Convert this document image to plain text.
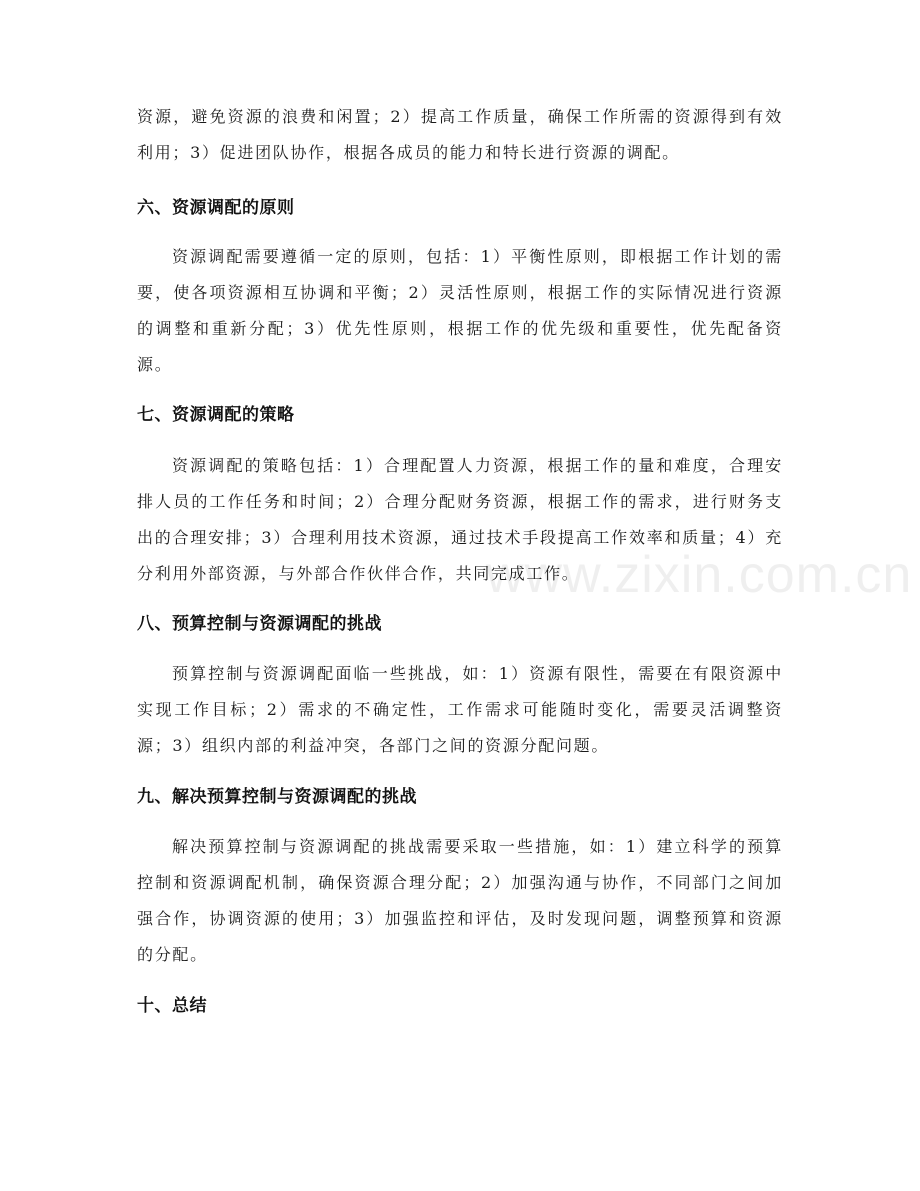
www.zixin.com.cn

资源，避免资源的浪费和闲置；2）提高工作质量，确保工作所需的资源得到有效利用；3）促进团队协作，根据各成员的能力和特长进行资源的调配。

六、资源调配的原则

资源调配需要遵循一定的原则，包括：1）平衡性原则，即根据工作计划的需要，使各项资源相互协调和平衡；2）灵活性原则，根据工作的实际情况进行资源的调整和重新分配；3）优先性原则，根据工作的优先级和重要性，优先配备资源。

七、资源调配的策略

资源调配的策略包括：1）合理配置人力资源，根据工作的量和难度，合理安排人员的工作任务和时间；2）合理分配财务资源，根据工作的需求，进行财务支出的合理安排；3）合理利用技术资源，通过技术手段提高工作效率和质量；4）充分利用外部资源，与外部合作伙伴合作，共同完成工作。

八、预算控制与资源调配的挑战

预算控制与资源调配面临一些挑战，如：1）资源有限性，需要在有限资源中实现工作目标；2）需求的不确定性，工作需求可能随时变化，需要灵活调整资源；3）组织内部的利益冲突，各部门之间的资源分配问题。

九、解决预算控制与资源调配的挑战

解决预算控制与资源调配的挑战需要采取一些措施，如：1）建立科学的预算控制和资源调配机制，确保资源合理分配；2）加强沟通与协作，不同部门之间加强合作，协调资源的使用；3）加强监控和评估，及时发现问题，调整预算和资源的分配。

十、总结
